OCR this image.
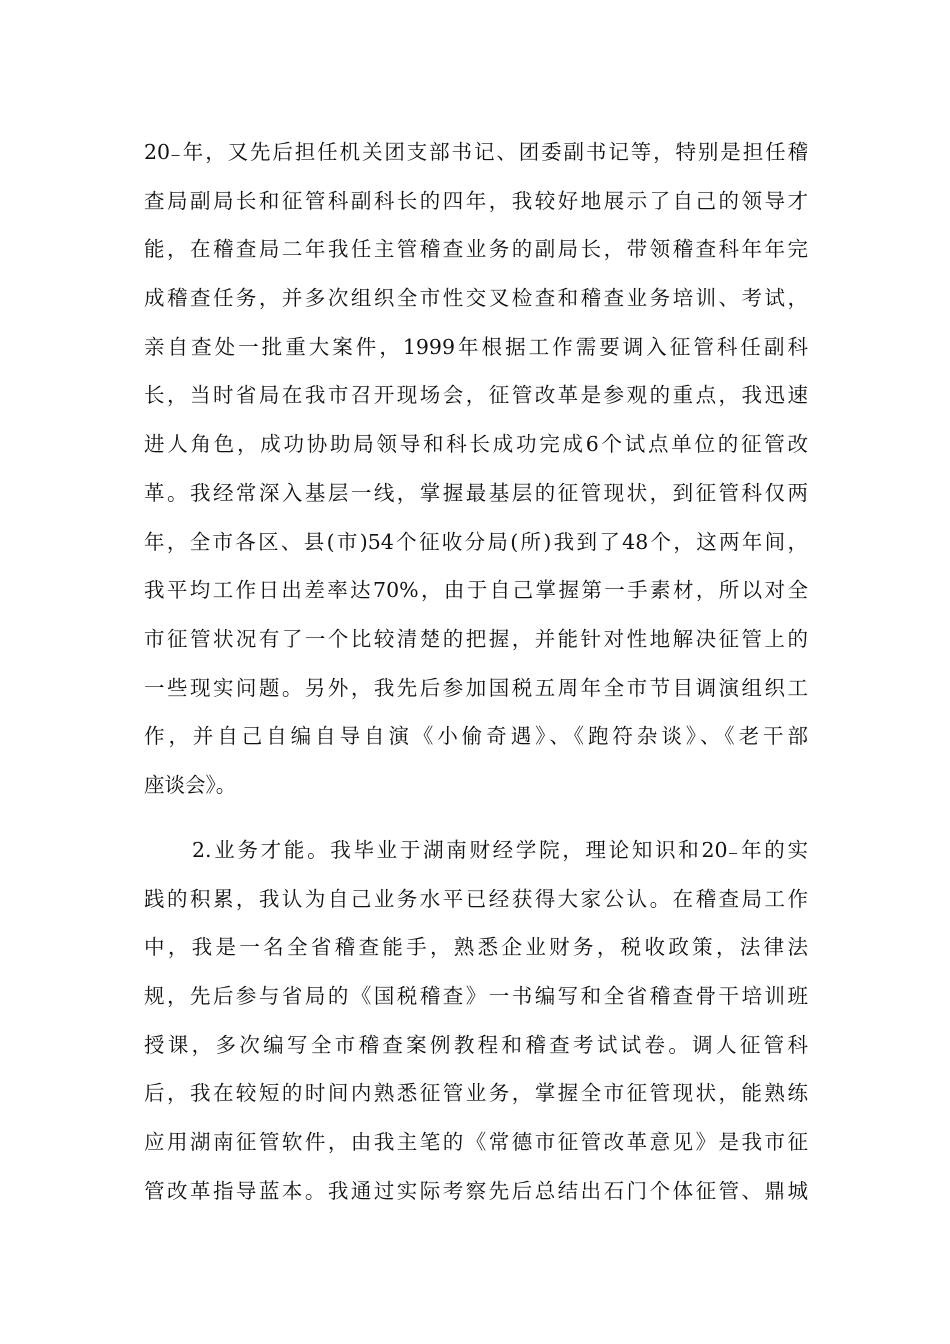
20₋年，又先后担任机关团支部书记、团委副书记等，特别是担任稽
查局副局长和征管科副科长的四年，我较好地展示了自己的领导才
能，在稽查局二年我任主管稽查业务的副局长，带领稽查科年年完
成稽查任务，并多次组织全市性交叉检查和稽查业务培训、考试，
亲自查处一批重大案件，1999年根据工作需要调入征管科任副科
长，当时省局在我市召开现场会，征管改革是参观的重点，我迅速
进人角色，成功协助局领导和科长成功完成6个试点单位的征管改
革。我经常深入基层一线，掌握最基层的征管现状，到征管科仅两
年，全市各区、县(市)54个征收分局(所)我到了48个，这两年间，
我平均工作日出差率达70%，由于自己掌握第一手素材，所以对全
市征管状况有了一个比较清楚的把握，并能针对性地解决征管上的
一些现实问题。另外，我先后参加国税五周年全市节目调演组织工
作，并自己自编自导自演《小偷奇遇》、《跑符杂谈》、《老干部
座谈会》。
2.业务才能。我毕业于湖南财经学院，理论知识和20₋年的实
践的积累，我认为自己业务水平已经获得大家公认。在稽查局工作
中，我是一名全省稽查能手，熟悉企业财务，税收政策，法律法
规，先后参与省局的《国税稽查》一书编写和全省稽查骨干培训班
授课，多次编写全市稽查案例教程和稽查考试试卷。调人征管科
后，我在较短的时间内熟悉征管业务，掌握全市征管现状，能熟练
应用湖南征管软件，由我主笔的《常德市征管改革意见》是我市征
管改革指导蓝本。我通过实际考察先后总结出石门个体征管、鼎城
